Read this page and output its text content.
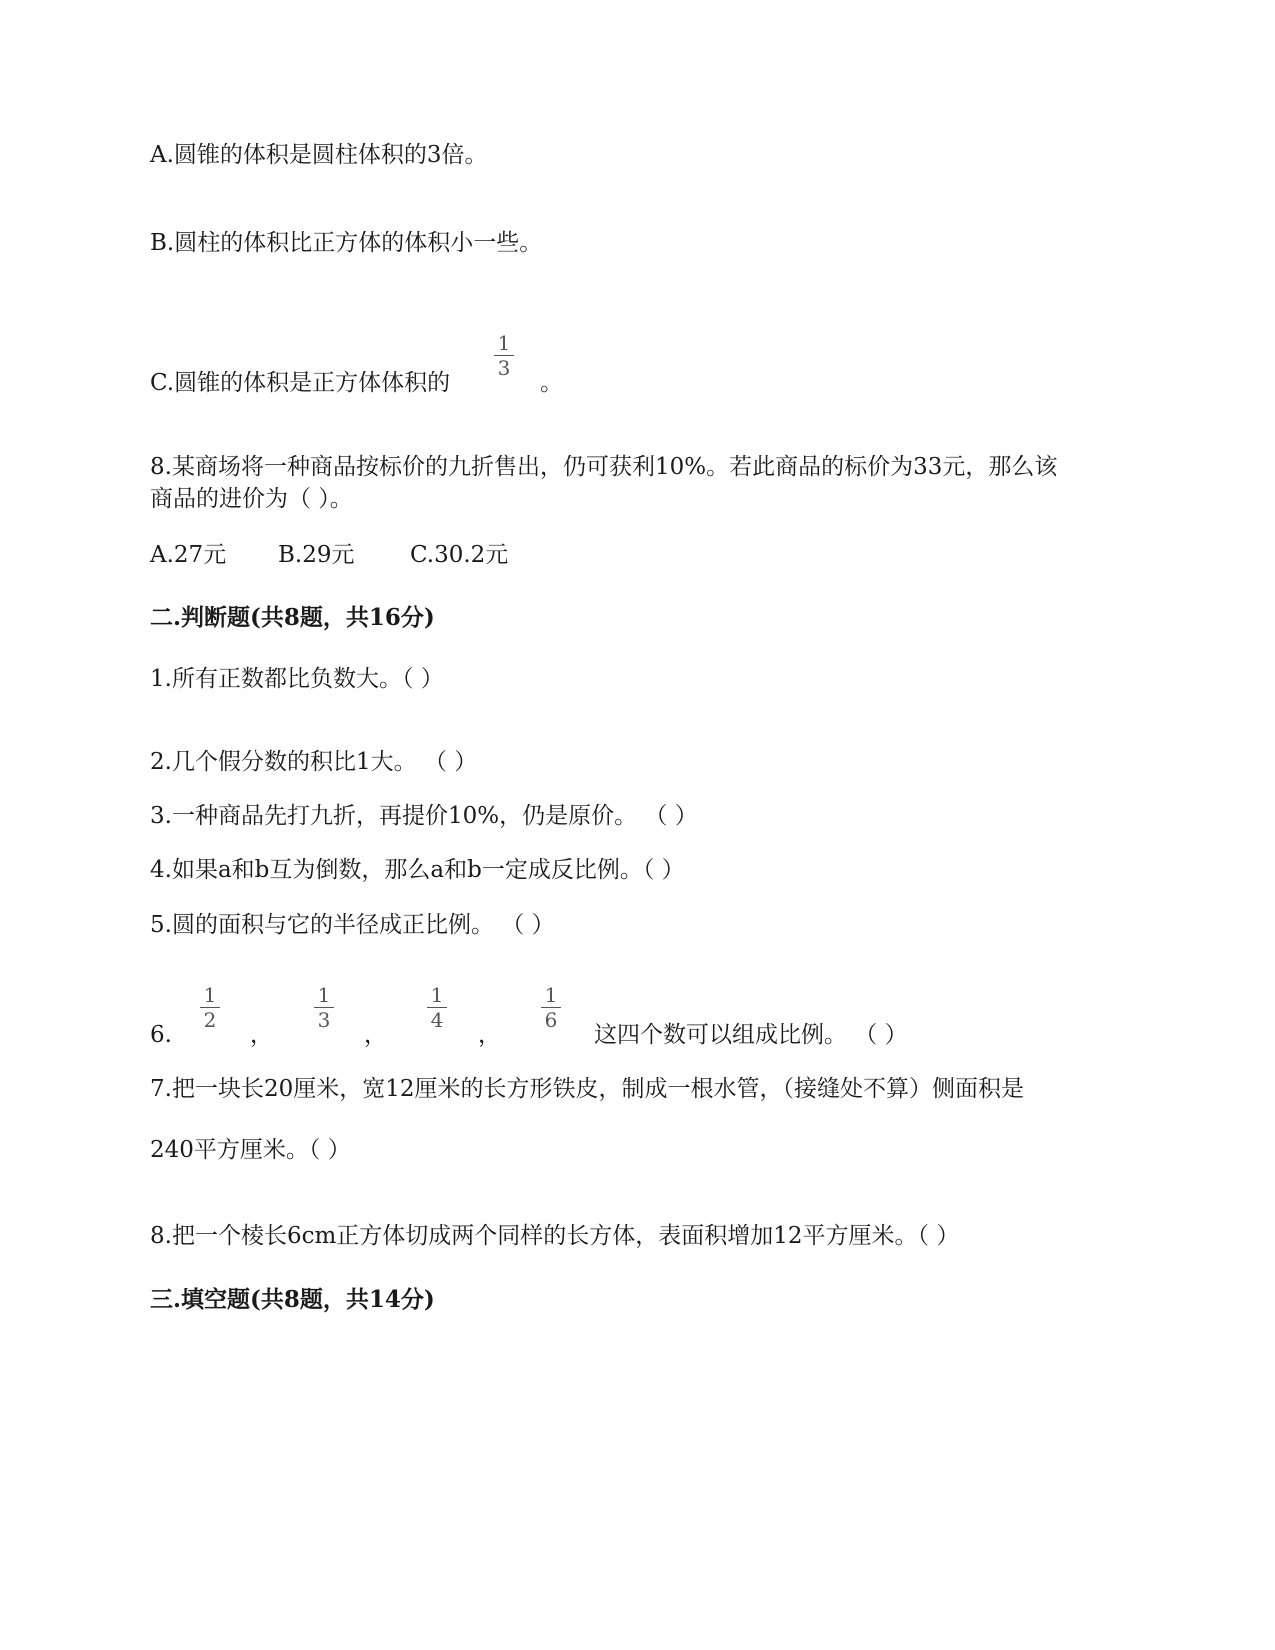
A.圆锥的体积是圆柱体积的3倍。
B.圆柱的体积比正方体的体积小一些。
C.圆锥的体积是正方体体积的
1
3
。
8.某商场将一种商品按标价的九折售出，仍可获利10%。若此商品的标价为33元，那么该
商品的进价为（ ）。
A.27元 B.29元 C.30.2元
二.判断题(共8题，共16分)
1.所有正数都比负数大。（ ）
2.几个假分数的积比1大。 （ ）
3.一种商品先打九折，再提价10%，仍是原价。 （ ）
4.如果a和b互为倒数，那么a和b一定成反比例。（ ）
5.圆的面积与它的半径成正比例。 （ ）
6.
1
2
，
1
3
，
1
4
，
1
6
这四个数可以组成比例。 （ ）
7.把一块长20厘米，宽12厘米的长方形铁皮，制成一根水管，（接缝处不算）侧面积是
240平方厘米。（ ）
8.把一个棱长6cm正方体切成两个同样的长方体，表面积增加12平方厘米。（ ）
三.填空题(共8题，共14分)
